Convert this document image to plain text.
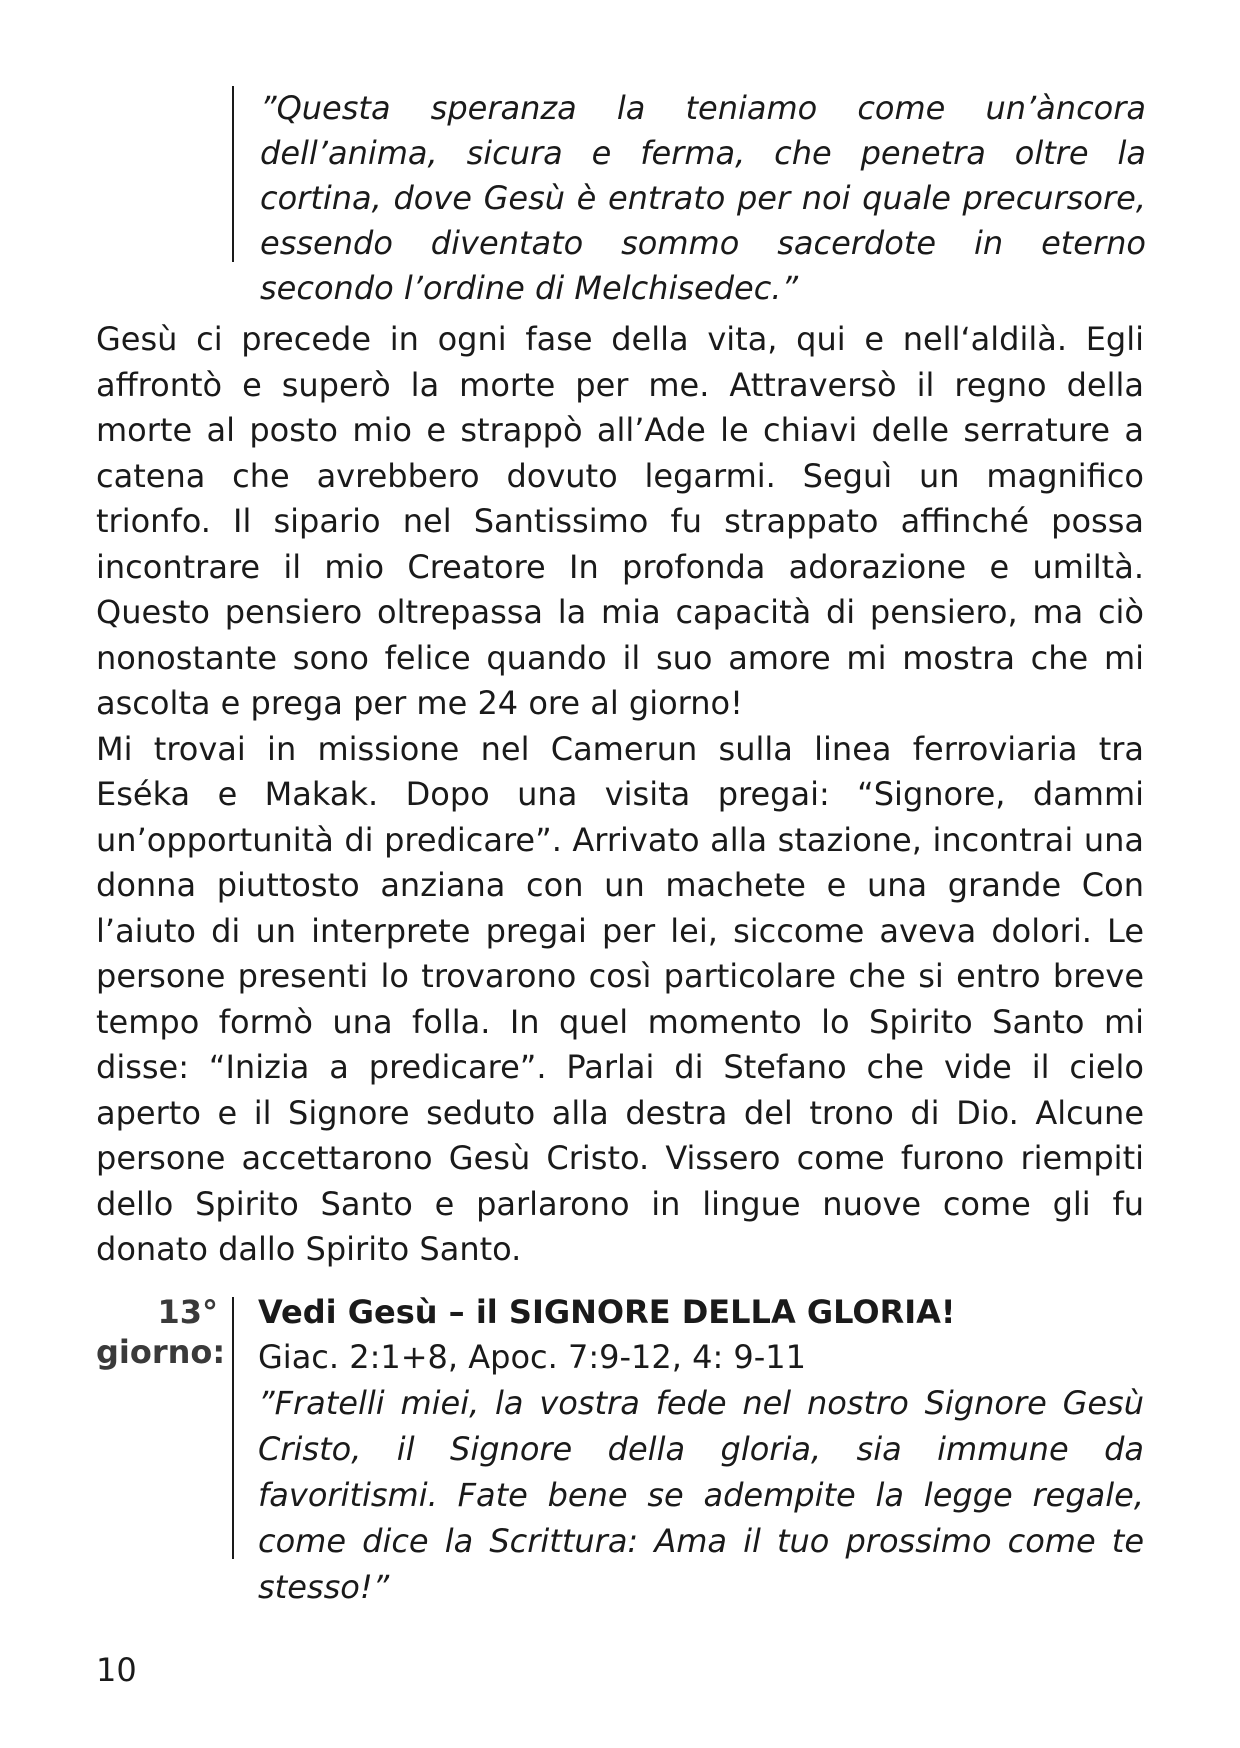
”Questa speranza la teniamo come un’àncora dell’anima, sicura e ferma, che penetra oltre la cortina, dove Gesù è entrato per noi quale precursore, essendo diventato sommo sacerdote in eterno secondo l’ordine di Melchisedec.”

Gesù ci precede in ogni fase della vita, qui e nell‘aldilà. Egli affrontò e superò la morte per me. Attraversò il regno della morte al posto mio e strappò all’Ade le chiavi delle serrature a catena che avrebbero dovuto legarmi. Seguì un magnifico trionfo. Il sipario nel Santissimo fu strappato affinché possa incontrare il mio Creatore In profonda adorazione e umiltà. Questo pensiero oltrepassa la mia capacità di pensiero, ma ciò nonostante sono felice quando il suo amore mi mostra che mi ascolta e prega per me 24 ore al giorno!

Mi trovai in missione nel Camerun sulla linea ferroviaria tra Eséka e Makak. Dopo una visita pregai: “Signore, dammi un’opportunità di predicare”. Arrivato alla stazione, incontrai una donna piuttosto anziana con un machete e una grande Con l’aiuto di un interprete pregai per lei, siccome aveva dolori. Le persone presenti lo trovarono così particolare che si entro breve tempo formò una folla. In quel momento lo Spirito Santo mi disse: “Inizia a predicare”. Parlai di Stefano che vide il cielo aperto e il Signore seduto alla destra del trono di Dio. Alcune persone accettarono Gesù Cristo. Vissero come furono riempiti dello Spirito Santo e parlarono in lingue nuove come gli fu donato dallo Spirito Santo.

13°
giorno:

Vedi Gesù – il SIGNORE DELLA GLORIA!

Giac. 2:1+8, Apoc. 7:9-12, 4: 9-11

”Fratelli miei, la vostra fede nel nostro Signore Gesù Cristo, il Signore della gloria, sia immune da favoritismi. Fate bene se adempite la legge regale, come dice la Scrittura: Ama il tuo prossimo come te stesso!”

10
